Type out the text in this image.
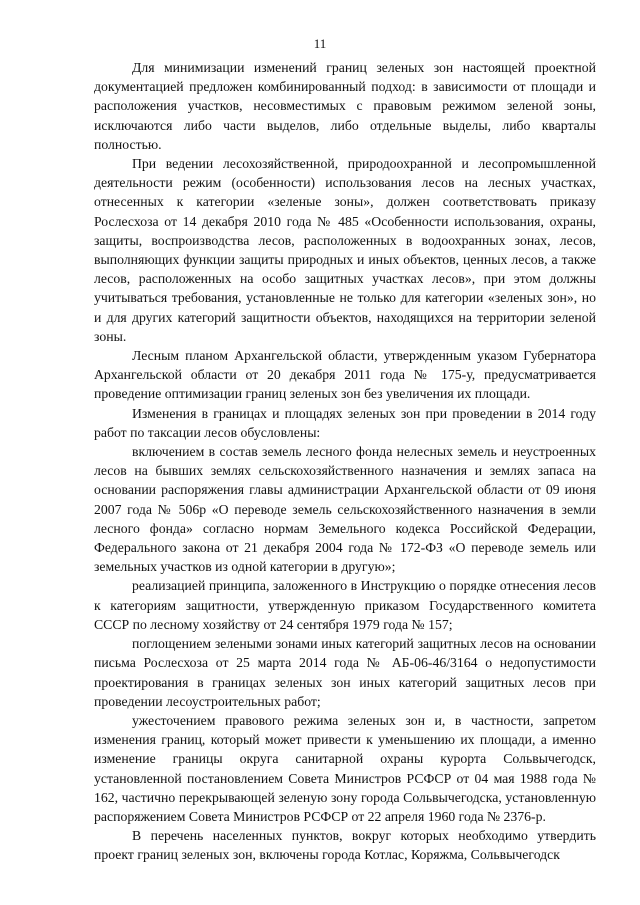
11

Для минимизации изменений границ зеленых зон настоящей проектной документацией предложен комбинированный подход: в зависимости от площади и расположения участков, несовместимых с правовым режимом зеленой зоны, исключаются либо части выделов, либо отдельные выделы, либо кварталы полностью.

При ведении лесохозяйственной, природоохранной и лесопромышленной деятельности режим (особенности) использования лесов на лесных участках, отнесенных к категории «зеленые зоны», должен соответствовать приказу Рослесхоза от 14 декабря 2010 года № 485 «Особенности использования, охраны, защиты, воспроизводства лесов, расположенных в водоохранных зонах, лесов, выполняющих функции защиты природных и иных объектов, ценных лесов, а также лесов, расположенных на особо защитных участках лесов», при этом должны учитываться требования, установленные не только для категории «зеленых зон», но и для других категорий защитности объектов, находящихся на территории зеленой зоны.

Лесным планом Архангельской области, утвержденным указом Губернатора Архангельской области от 20 декабря 2011 года № 175-у, предусматривается проведение оптимизации границ зеленых зон без увеличения их площади.

Изменения в границах и площадях зеленых зон при проведении в 2014 году работ по таксации лесов обусловлены:

включением в состав земель лесного фонда нелесных земель и неустроенных лесов на бывших землях сельскохозяйственного назначения и землях запаса на основании распоряжения главы администрации Архангельской области от 09 июня 2007 года № 506р «О переводе земель сельскохозяйственного назначения в земли лесного фонда» согласно нормам Земельного кодекса Российской Федерации, Федерального закона от 21 декабря 2004 года № 172-ФЗ «О переводе земель или земельных участков из одной категории в другую»;

реализацией принципа, заложенного в Инструкцию о порядке отнесения лесов к категориям защитности, утвержденную приказом Государственного комитета СССР по лесному хозяйству от 24 сентября 1979 года № 157;

поглощением зелеными зонами иных категорий защитных лесов на основании письма Рослесхоза от 25 марта 2014 года № АБ-06-46/3164 о недопустимости проектирования в границах зеленых зон иных категорий защитных лесов при проведении лесоустроительных работ;

ужесточением правового режима зеленых зон и, в частности, запретом изменения границ, который может привести к уменьшению их площади, а именно изменение границы округа санитарной охраны курорта Сольвычегодск, установленной постановлением Совета Министров РСФСР от 04 мая 1988 года № 162, частично перекрывающей зеленую зону города Сольвычегодска, установленную распоряжением Совета Министров РСФСР от 22 апреля 1960 года № 2376-р.

В перечень населенных пунктов, вокруг которых необходимо утвердить проект границ зеленых зон, включены города Котлас, Коряжма, Сольвычегодск
